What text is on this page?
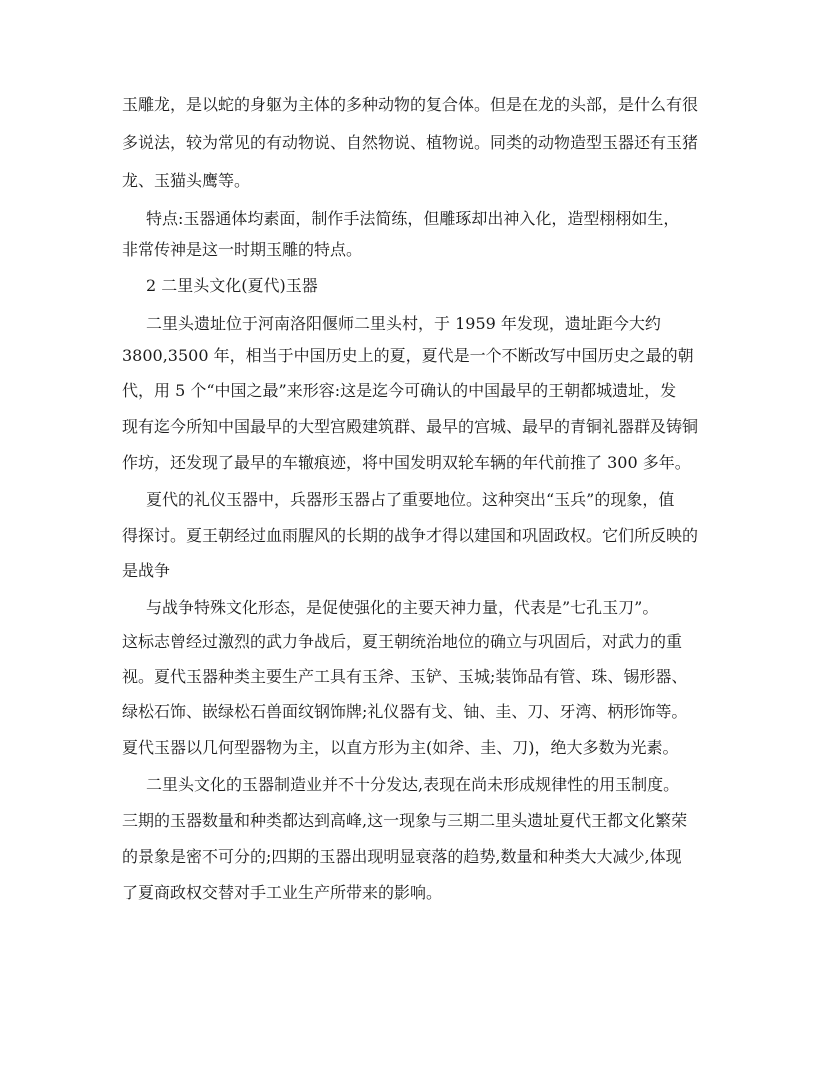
玉雕龙，是以蛇的身躯为主体的多种动物的复合体。但是在龙的头部，是什么有很
多说法，较为常见的有动物说、自然物说、植物说。同类的动物造型玉器还有玉猪
龙、玉猫头鹰等。
特点:玉器通体均素面，制作手法简练，但雕琢却出神入化，造型栩栩如生，
非常传神是这一时期玉雕的特点。
2 二里头文化(夏代)玉器
二里头遗址位于河南洛阳偃师二里头村，于 1959 年发现，遗址距今大约
3800,3500 年，相当于中国历史上的夏，夏代是一个不断改写中国历史之最的朝
代，用 5 个“中国之最”来形容:这是迄今可确认的中国最早的王朝都城遗址，发
现有迄今所知中国最早的大型宫殿建筑群、最早的宫城、最早的青铜礼器群及铸铜
作坊，还发现了最早的车辙痕迹，将中国发明双轮车辆的年代前推了 300 多年。
夏代的礼仪玉器中，兵器形玉器占了重要地位。这种突出“玉兵”的现象，值
得探讨。夏王朝经过血雨腥风的长期的战争才得以建国和巩固政权。它们所反映的
是战争
与战争特殊文化形态，是促使强化的主要天神力量，代表是”七孔玉刀”。
这标志曾经过激烈的武力争战后，夏王朝统治地位的确立与巩固后，对武力的重
视。夏代玉器种类主要生产工具有玉斧、玉铲、玉城;装饰品有管、珠、锡形器、
绿松石饰、嵌绿松石兽面纹钢饰牌;礼仪器有戈、铀、圭、刀、牙湾、柄形饰等。
夏代玉器以几何型器物为主，以直方形为主(如斧、圭、刀)，绝大多数为光素。
二里头文化的玉器制造业并不十分发达,表现在尚未形成规律性的用玉制度。
三期的玉器数量和种类都达到高峰,这一现象与三期二里头遗址夏代王都文化繁荣
的景象是密不可分的;四期的玉器出现明显衰落的趋势,数量和种类大大减少,体现
了夏商政权交替对手工业生产所带来的影响。
